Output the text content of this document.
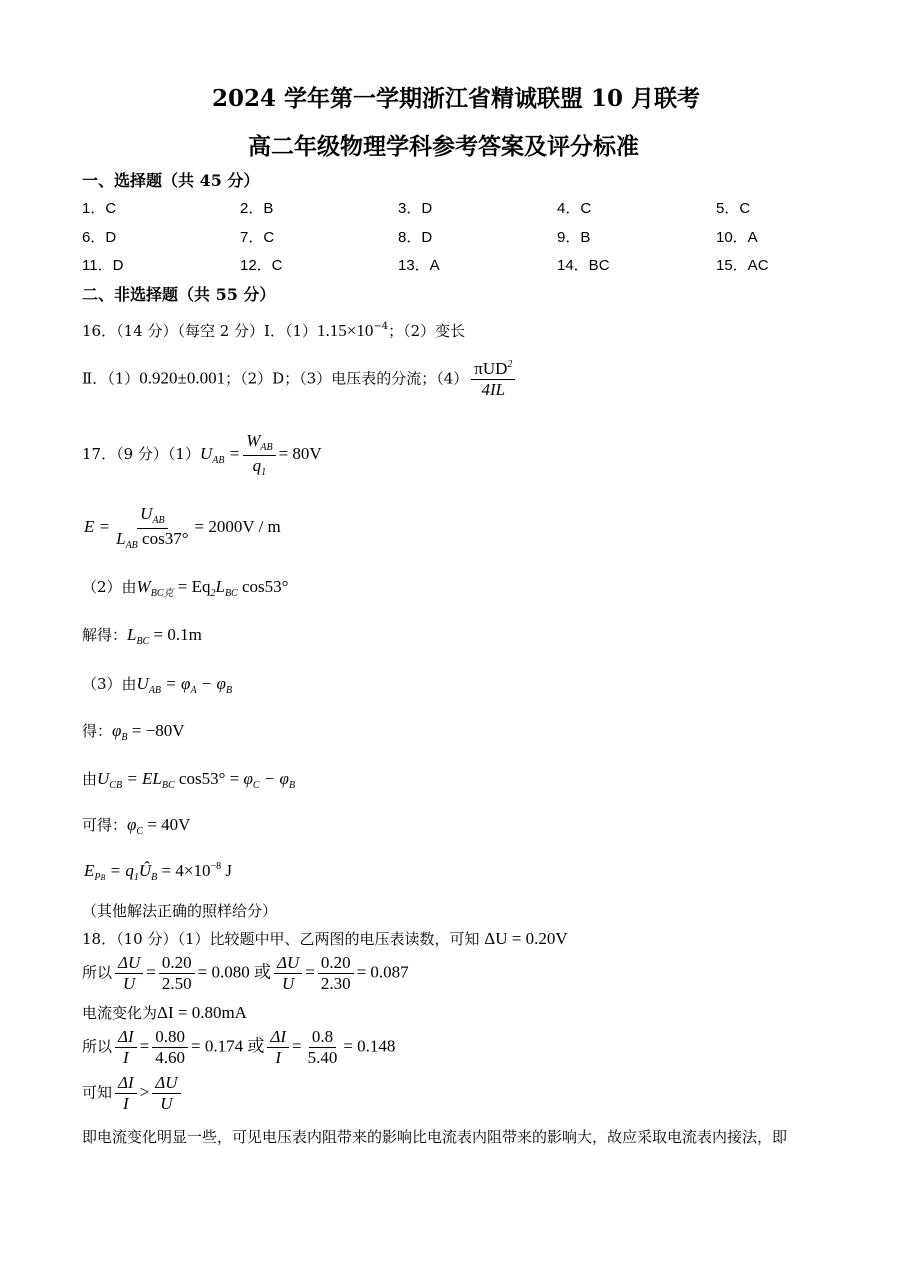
2024 学年第一学期浙江省精诚联盟 10 月联考
高二年级物理学科参考答案及评分标准
一、选择题（共 45 分）
1．C	2．B	3．D	4．C	5．C
6．D	7．C	8．D	9．B	10．A
11．D	12．C	13．A	14．BC	15．AC
二、非选择题（共 55 分）
16．（14 分）（每空 2 分）Ⅰ．$(1)1.15\times 10^{-4}$；（2）变长
Ⅱ．（1）0.920±0.001；（2）D；（3）电压表的分流；$(4) \frac{\pi UD^2}{4IL}$
17．（9 分）$(1)U_{AB} = \frac{W_{AB}}{q_1} = 80V$
$E = \frac{U_{AB}}{L_{AB} \cos 37^\circ} = 2000V / m$
（2）由$W_{BC克} = Eq_2L_{BC}$ cos53°
解得：$L_{BC} = 0.1m$
（3）由$U_{AB} = \varphi_A - \varphi_B$
得：$\varphi_B = -80V$
由$U_{CB} = EL_{BC}$ $\cos 53^\circ = \varphi_C - \varphi_B$
可得：$\varphi_C = 40V$
$E_{PB}$ = $q_1Û_B = 4\times 10^{-8}$ J
（其他解法正确的照样给分）
18．（10 分）（1）比较题中甲、乙两图的电压表读数，可知 ΔU = 0.20V
所以 $\frac{\Delta U}{U} = \frac{0.20}{2.50} = 0.080$ 或 $\frac{\Delta U}{U} = \frac{0.20}{2.30} = 0.087$
电流变化为ΔI = 0.80mA
所以 $\frac{\Delta I}{I} = \frac{0.80}{4.60} = 0.174$ 或 $\frac{\Delta I}{I} = \frac{0.8}{5.40} = 0.148$
可知 $\frac{\Delta I}{I} > \frac{\Delta U}{U}$
即电流变化明显一些，可见电压表内阻带来的影响比电流表内阻带来的影响大，故应采取电流表内接法，即
